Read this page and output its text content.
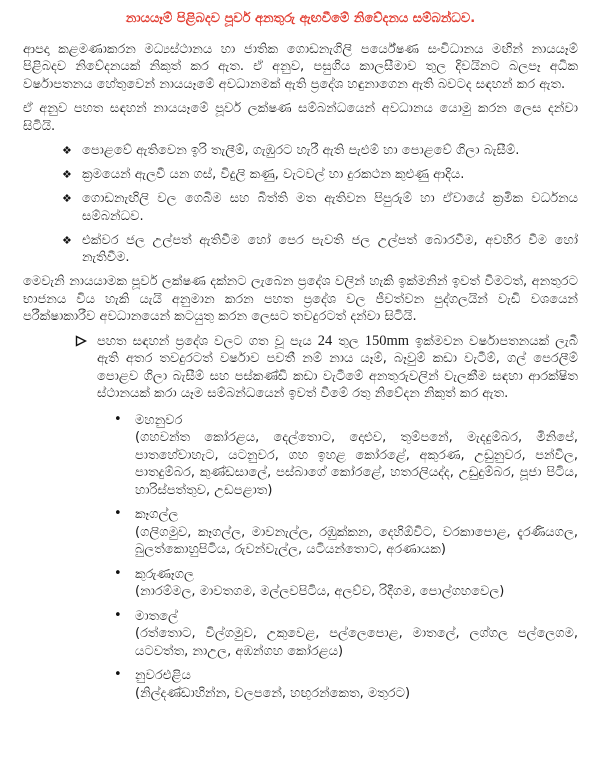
නායයෑම් පිළිබදව පූර්ව අනතුරු ඇඟවීමේ නිවේදනය සම්බන්ධව.

ආපදා කළමණාකරන මධ්‍යස්ථානය හා ජාතික ගොඩනැගිලි පර්යේෂණ සංවිධානය මඟින් නායයෑම් පිළිබදව නිවේදනයක් නිකුත් කර ඇත. ඒ අනුව, පසුගිය කාලසීමාව තුල දිවයිනට බලපෑ අධික වර්ෂාපතනය හේතුවෙන් නායයෑමේ අවධානමක් ඇති ප්‍රදේශ හඳුනාගෙන ඇති බවටද සඳහන් කර ඇත.

ඒ අනුව පහත සඳහන් නායයෑමේ පූර්ව ලක්ෂණ සම්බන්ධයෙන් අවධානය යොමු කරන ලෙස දන්වා සිටියි.

❖ පොළවේ ඇතිවෙන ඉරි තැලීම්, ගැඹුරට හැරී ඇති පැළුම් හා පොළවේ ගිලා බැසීම්.
❖ ක්‍රමයෙන් ඇලවී යන ගස්, විදුලි කණු, වැටවල් හා දුරකථන කුළුණු ආදිය.
❖ ගොඩනැඟිලි වල ගෙබිම සහ බිත්ති මත ඇතිවන පිපුරුම් හා ඒවායේ ක්‍රමික වර්ධනය සම්බන්ධව.
❖ එක්වර ජල උල්පත් ඇතිවීම හෝ පෙර පැවති ජල උල්පත් බොරවීම, අවහිර වීම හෝ නැතිවීම.

මෙවැනි නායයාමක පූර්ව ලක්ෂණ දක්නට ලැබෙන ප්‍රදේශ වලින් හැකි ඉක්මනින් ඉවත් වීමටත්, අනතුරට භාජනය විය හැකි යැයි අනුමාන කරන පහත ප්‍රදේශ වල ජීවත්වන පුද්ගලයින් වැඩි වශයෙන් පරීක්ෂාකාරීව අවධානයෙන් කටයුතු කරන ලෙසට තවදුරටත් දන්වා සිටියි.

පහත සඳහන් ප්‍රදේශ වලට ගත වූ පැය 24 තුල 150mm ඉක්මවන වර්ෂාපතනයක් ලැබී ඇති අතර තවදුරටත් වර්ෂාව පවතී නම් නාය යෑම්, බෑවුම් කඩා වැටීම්, ගල් පෙරලීම් පොළව ගිලා බැසීම් සහ පස්කණ්ඩි කඩා වැටීමේ අනතුරුවලින් වැලකීම සඳහා ආරක්ෂිත ස්ථානයක් කරා යෑම සම්බන්ධයෙන් ඉවත් වීමේ රතු නිවේදන නිකුත් කර ඇත.
• මහනුවර
(ගහවන්ත කෝරළය, දෙල්තොට, දොළුව, තුම්පනේ, මැදදුම්බර, මිනිපේ, පාතහේවාහැට, යටනුවර, ගහ ඉහළ කෝරළේ, අකුරණ, උඩුනුවර, පන්විල, පාතදුම්බර, කුණ්ඩසාලේ, පස්බාගේ කෝරළේ, හතරලියද්ද, උඩුදුම්බර, පූජා පිටිය, හාරිස්පත්තුව, උඩපළාත)
• කෑගල්ල
(ගලිගමුව, කෑගල්ල, මාවනැල්ල, රඹුක්කන, දෙහිඕවිට, වරකාපොළ, දැරණියගල, බුලත්කොහුපිටිය, රුවන්වැල්ල, යටියන්තොට, අරණායක)
• කුරුණෑගල
(නාරම්මල, මාවතගම, මල්ලවපිටිය, අලව්ව, රිදීගම, පොල්ගහවෙල)
• මාතලේ
(රත්තොට, විල්ගමුව, උකුවෙළ, පල්ලෙපොළ, මාතලේ, ලග්ගල පල්ලෙගම, යටවත්ත, නාඋල, අඹන්ගහ කෝරළය)
• නුවරඑළිය
(නිල්දණ්ඩාහින්න, වලපනේ, හඟුරන්කෙත, මතුරට)
